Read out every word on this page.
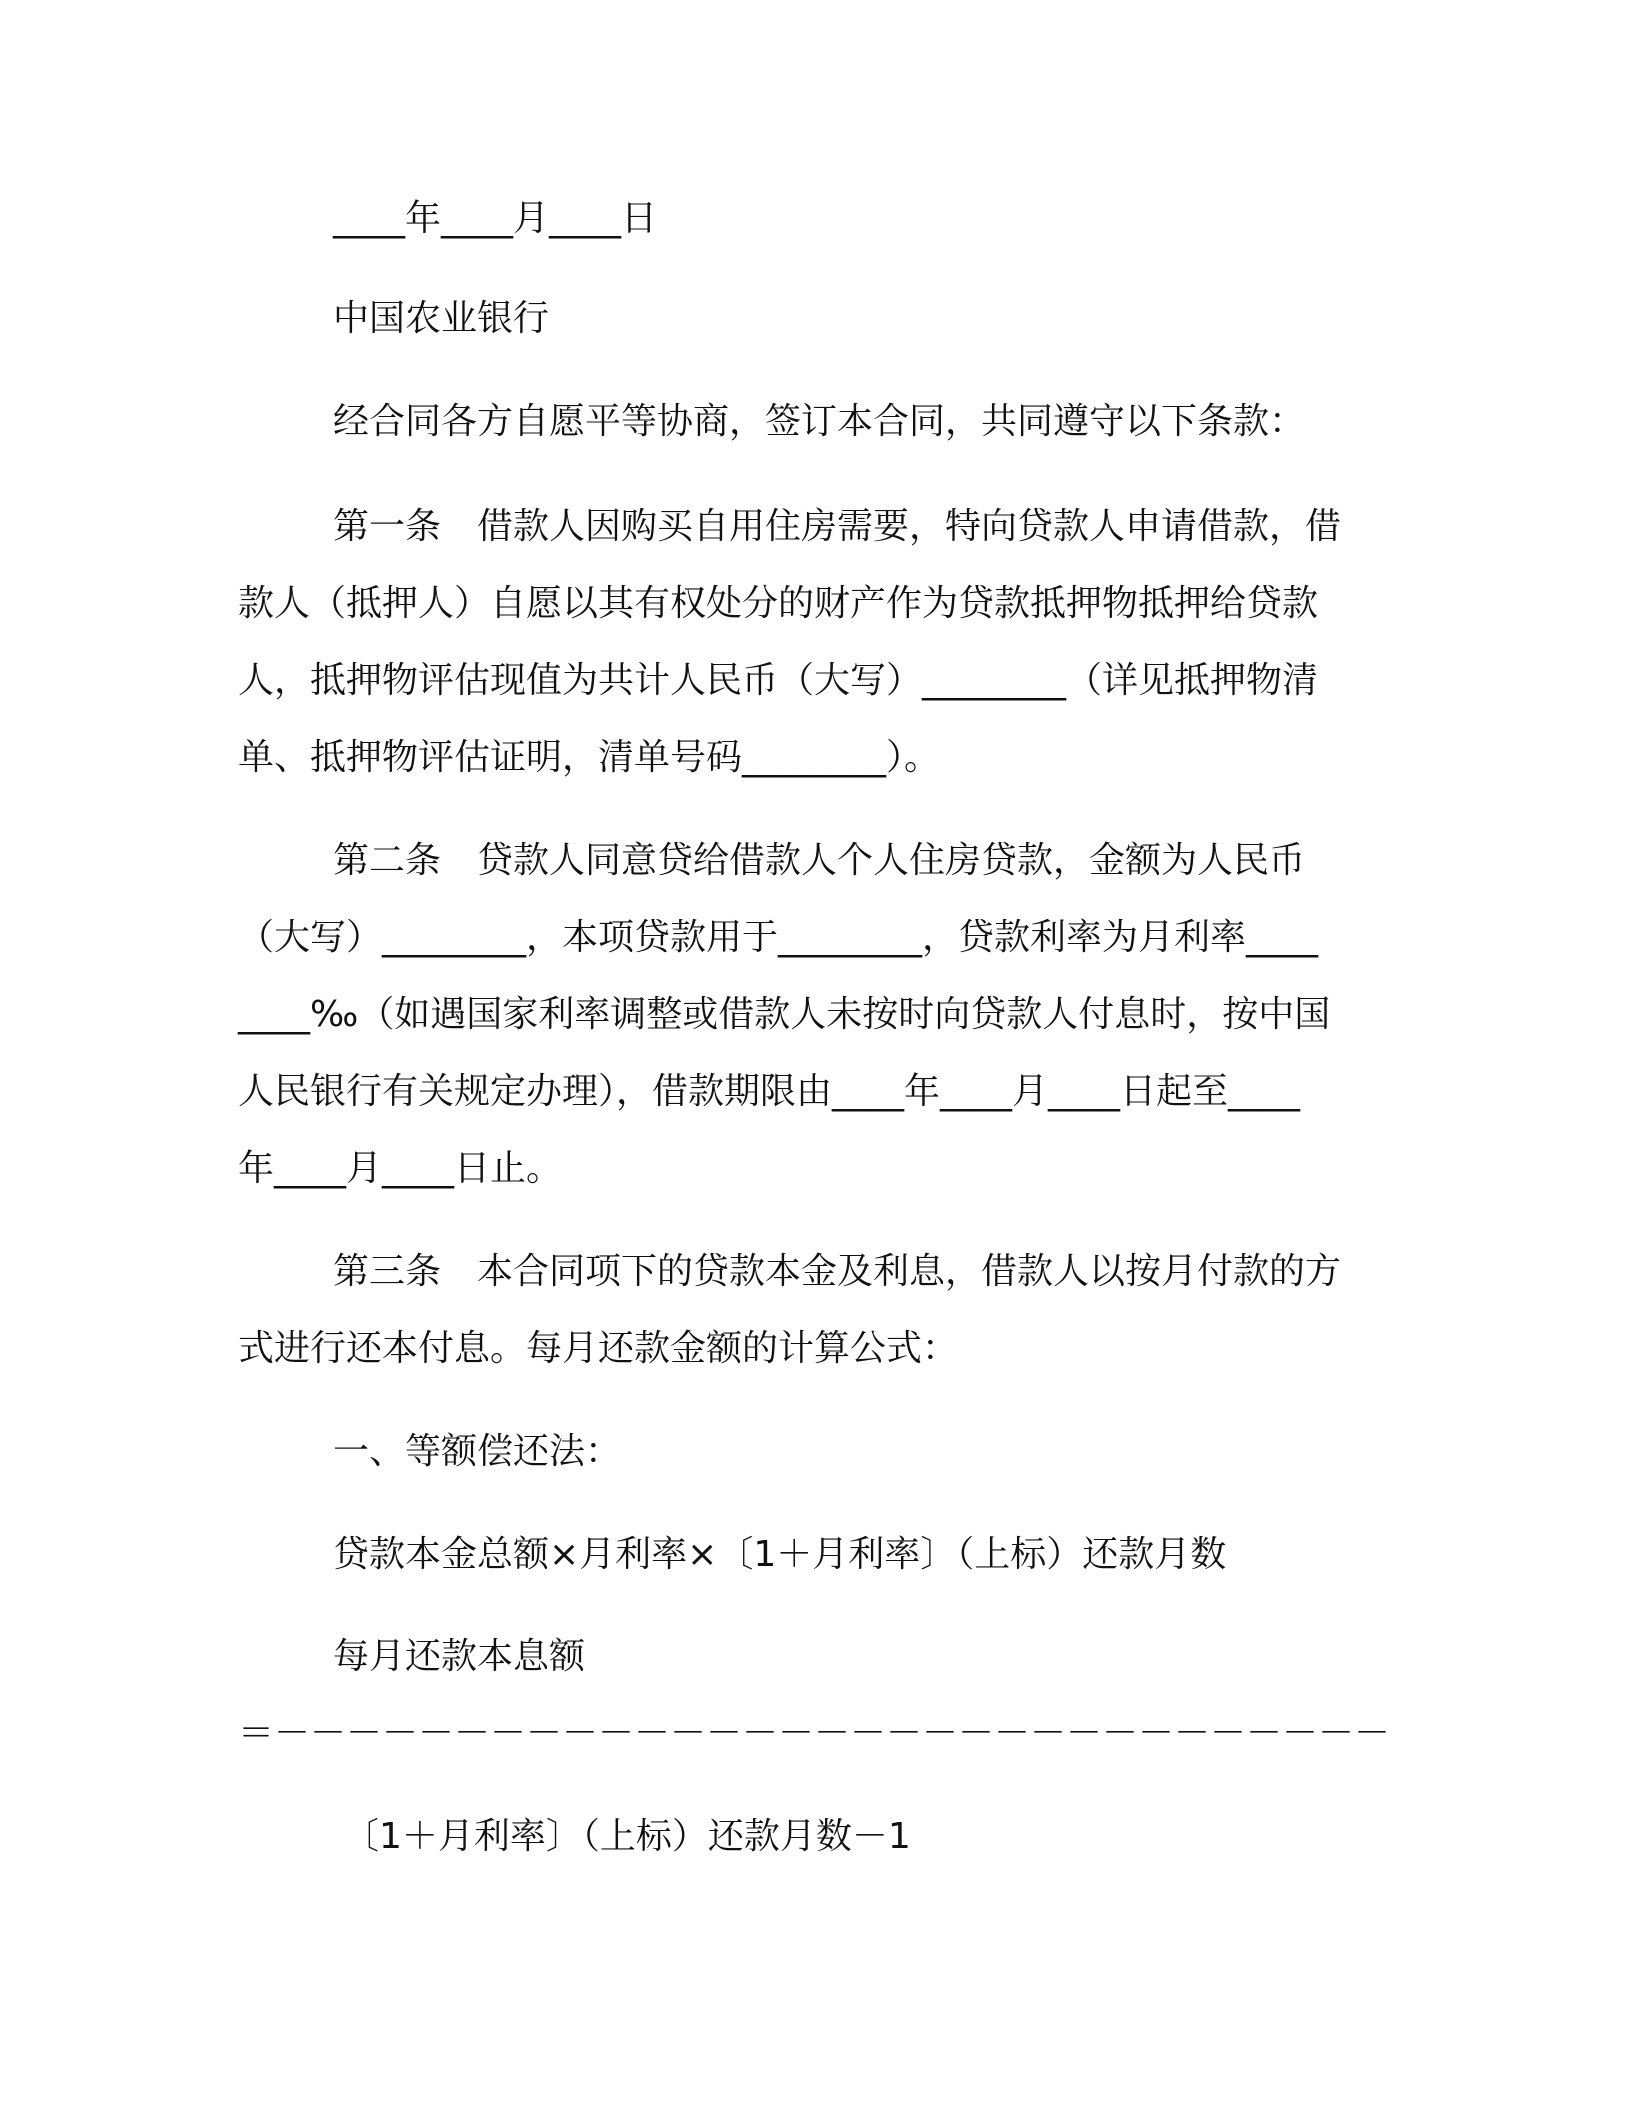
____年____月____日
中国农业银行
经合同各方自愿平等协商，签订本合同，共同遵守以下条款：
第一条　借款人因购买自用住房需要，特向贷款人申请借款，借
款人（抵押人）自愿以其有权处分的财产作为贷款抵押物抵押给贷款
人，抵押物评估现值为共计人民币（大写）________（详见抵押物清
单、抵押物评估证明，清单号码________）。
第二条　贷款人同意贷给借款人个人住房贷款，金额为人民币
（大写）________，本项贷款用于________，贷款利率为月利率____
____‰（如遇国家利率调整或借款人未按时向贷款人付息时，按中国
人民银行有关规定办理），借款期限由____年____月____日起至____
年____月____日止。
第三条　本合同项下的贷款本金及利息，借款人以按月付款的方
式进行还本付息。每月还款金额的计算公式：
一、等额偿还法：
贷款本金总额×月利率×〔1＋月利率〕（上标）还款月数
每月还款本息额
＝－－－－－－－－－－－－－－－－－－－－－－－－－－－－－－－
〔1＋月利率〕（上标）还款月数－1
